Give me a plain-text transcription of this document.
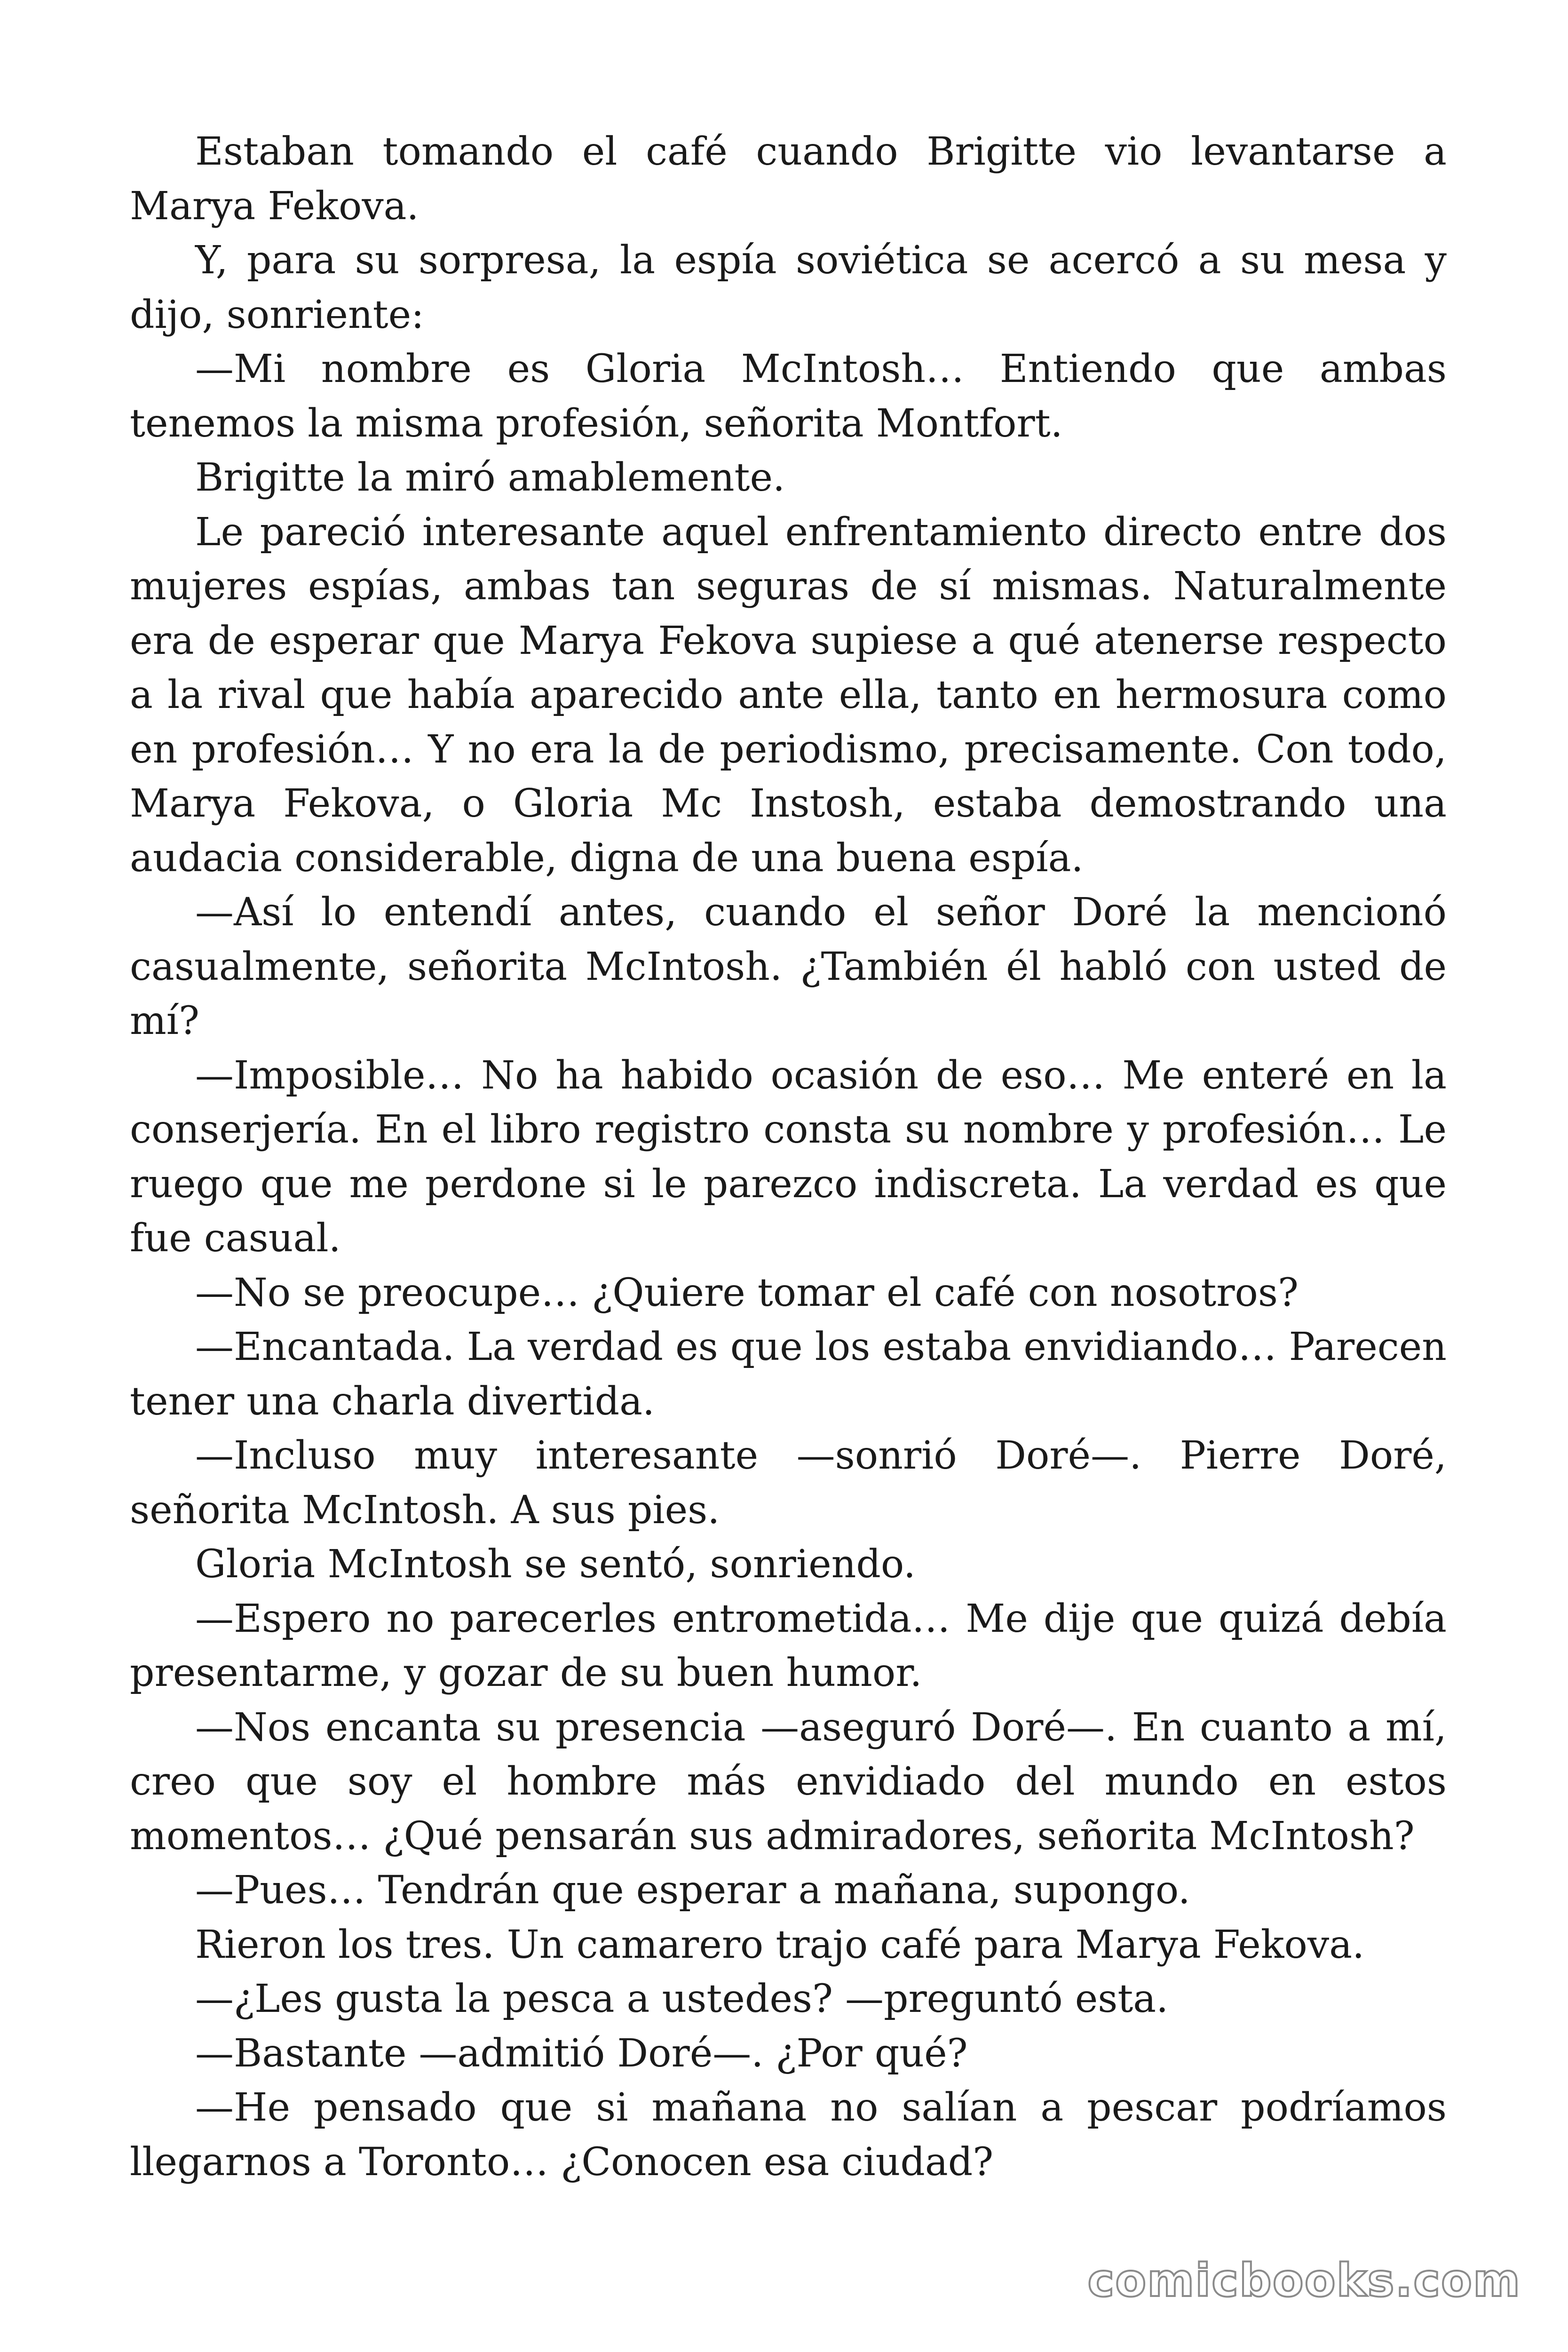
Estaban tomando el café cuando Brigitte vio levantarse a Marya Fekova.

Y, para su sorpresa, la espía soviética se acercó a su mesa y dijo, sonriente:

—Mi nombre es Gloria McIntosh… Entiendo que ambas tenemos la misma profesión, señorita Montfort.

Brigitte la miró amablemente.

Le pareció interesante aquel enfrentamiento directo entre dos mujeres espías, ambas tan seguras de sí mismas. Naturalmente era de esperar que Marya Fekova supiese a qué atenerse respecto a la rival que había aparecido ante ella, tanto en hermosura como en profesión… Y no era la de periodismo, precisamente. Con todo, Marya Fekova, o Gloria Mc Instosh, estaba demostrando una audacia considerable, digna de una buena espía.

—Así lo entendí antes, cuando el señor Doré la mencionó casualmente, señorita McIntosh. ¿También él habló con usted de mí?

—Imposible… No ha habido ocasión de eso… Me enteré en la conserjería. En el libro registro consta su nombre y profesión… Le ruego que me perdone si le parezco indiscreta. La verdad es que fue casual.

—No se preocupe… ¿Quiere tomar el café con nosotros?

—Encantada. La verdad es que los estaba envidiando… Parecen tener una charla divertida.

—Incluso muy interesante —sonrió Doré—. Pierre Doré, señorita McIntosh. A sus pies.

Gloria McIntosh se sentó, sonriendo.

—Espero no parecerles entrometida… Me dije que quizá debía presentarme, y gozar de su buen humor.

—Nos encanta su presencia —aseguró Doré—. En cuanto a mí, creo que soy el hombre más envidiado del mundo en estos momentos… ¿Qué pensarán sus admiradores, señorita McIntosh?

—Pues… Tendrán que esperar a mañana, supongo.

Rieron los tres. Un camarero trajo café para Marya Fekova.

—¿Les gusta la pesca a ustedes? —preguntó esta.

—Bastante —admitió Doré—. ¿Por qué?

—He pensado que si mañana no salían a pescar podríamos llegarnos a Toronto… ¿Conocen esa ciudad?

comicbooks.com
